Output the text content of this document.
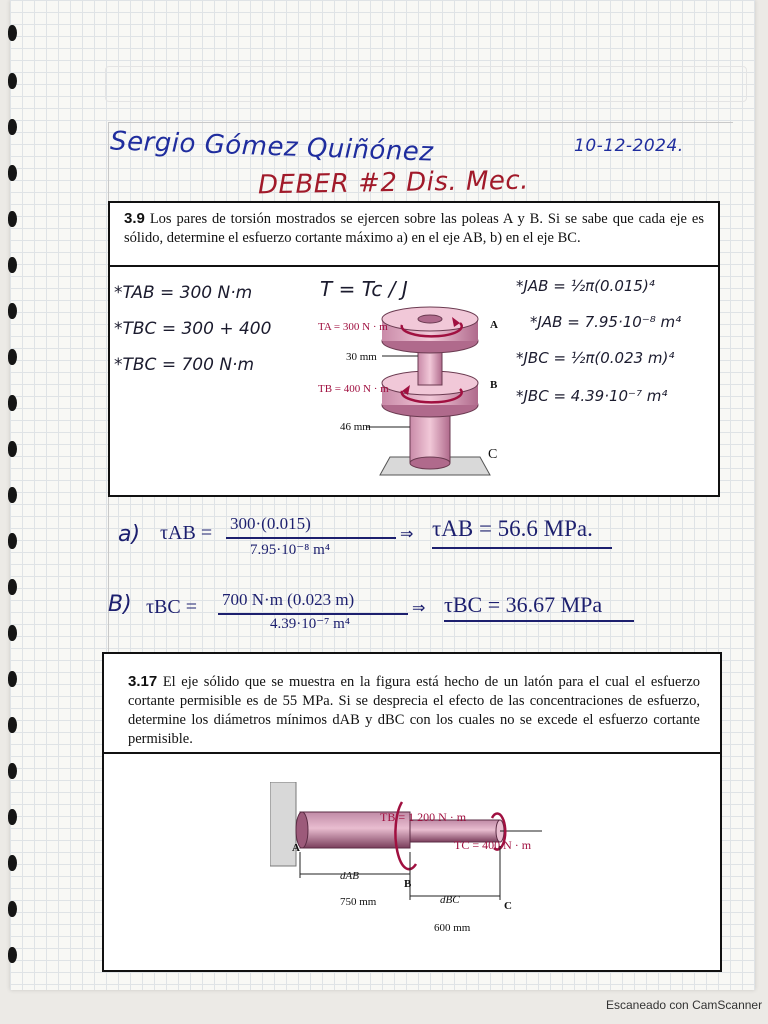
Sergio Gómez Quiñónez	10-12-2024.
DEBER #2 Dis. Mec.
3.9 Los pares de torsión mostrados se ejercen sobre las poleas A y B. Si se sabe que cada eje es sólido, determine el esfuerzo cortante máximo a) en el eje AB, b) en el eje BC.
*TAB = 300 N·m
*TBC = 300 + 400
*TBC = 700 N·m
T = Tc / J	*JAB = ½π(0.015)⁴
*JAB = 7.95·10⁻⁸ m⁴
*JBC = ½π(0.023 m)⁴
*JBC = 4.39·10⁻⁷ m⁴
TA = 300 N · m
30 mm
TB = 400 N · m
46 mm
A
B
C
a) τAB = 300·(0.015)
7.95·10⁻⁸ m⁴
⇒ τAB = 56.6 MPa.
B) τBC = 700 N·m (0.023 m)
4.39·10⁻⁷ m⁴
⇒ τBC = 36.67 MPa
3.17 El eje sólido que se muestra en la figura está hecho de un latón para el cual el esfuerzo cortante permisible es de 55 MPa. Si se desprecia el efecto de las concentraciones de esfuerzo, determine los diámetros mínimos dAB y dBC con los cuales no se excede el esfuerzo cortante permisible.
TB = 1 200 N · m
TC = 400 N · m
A
dAB
B
dBC
750 mm
600 mm
C
Escaneado con CamScanner
